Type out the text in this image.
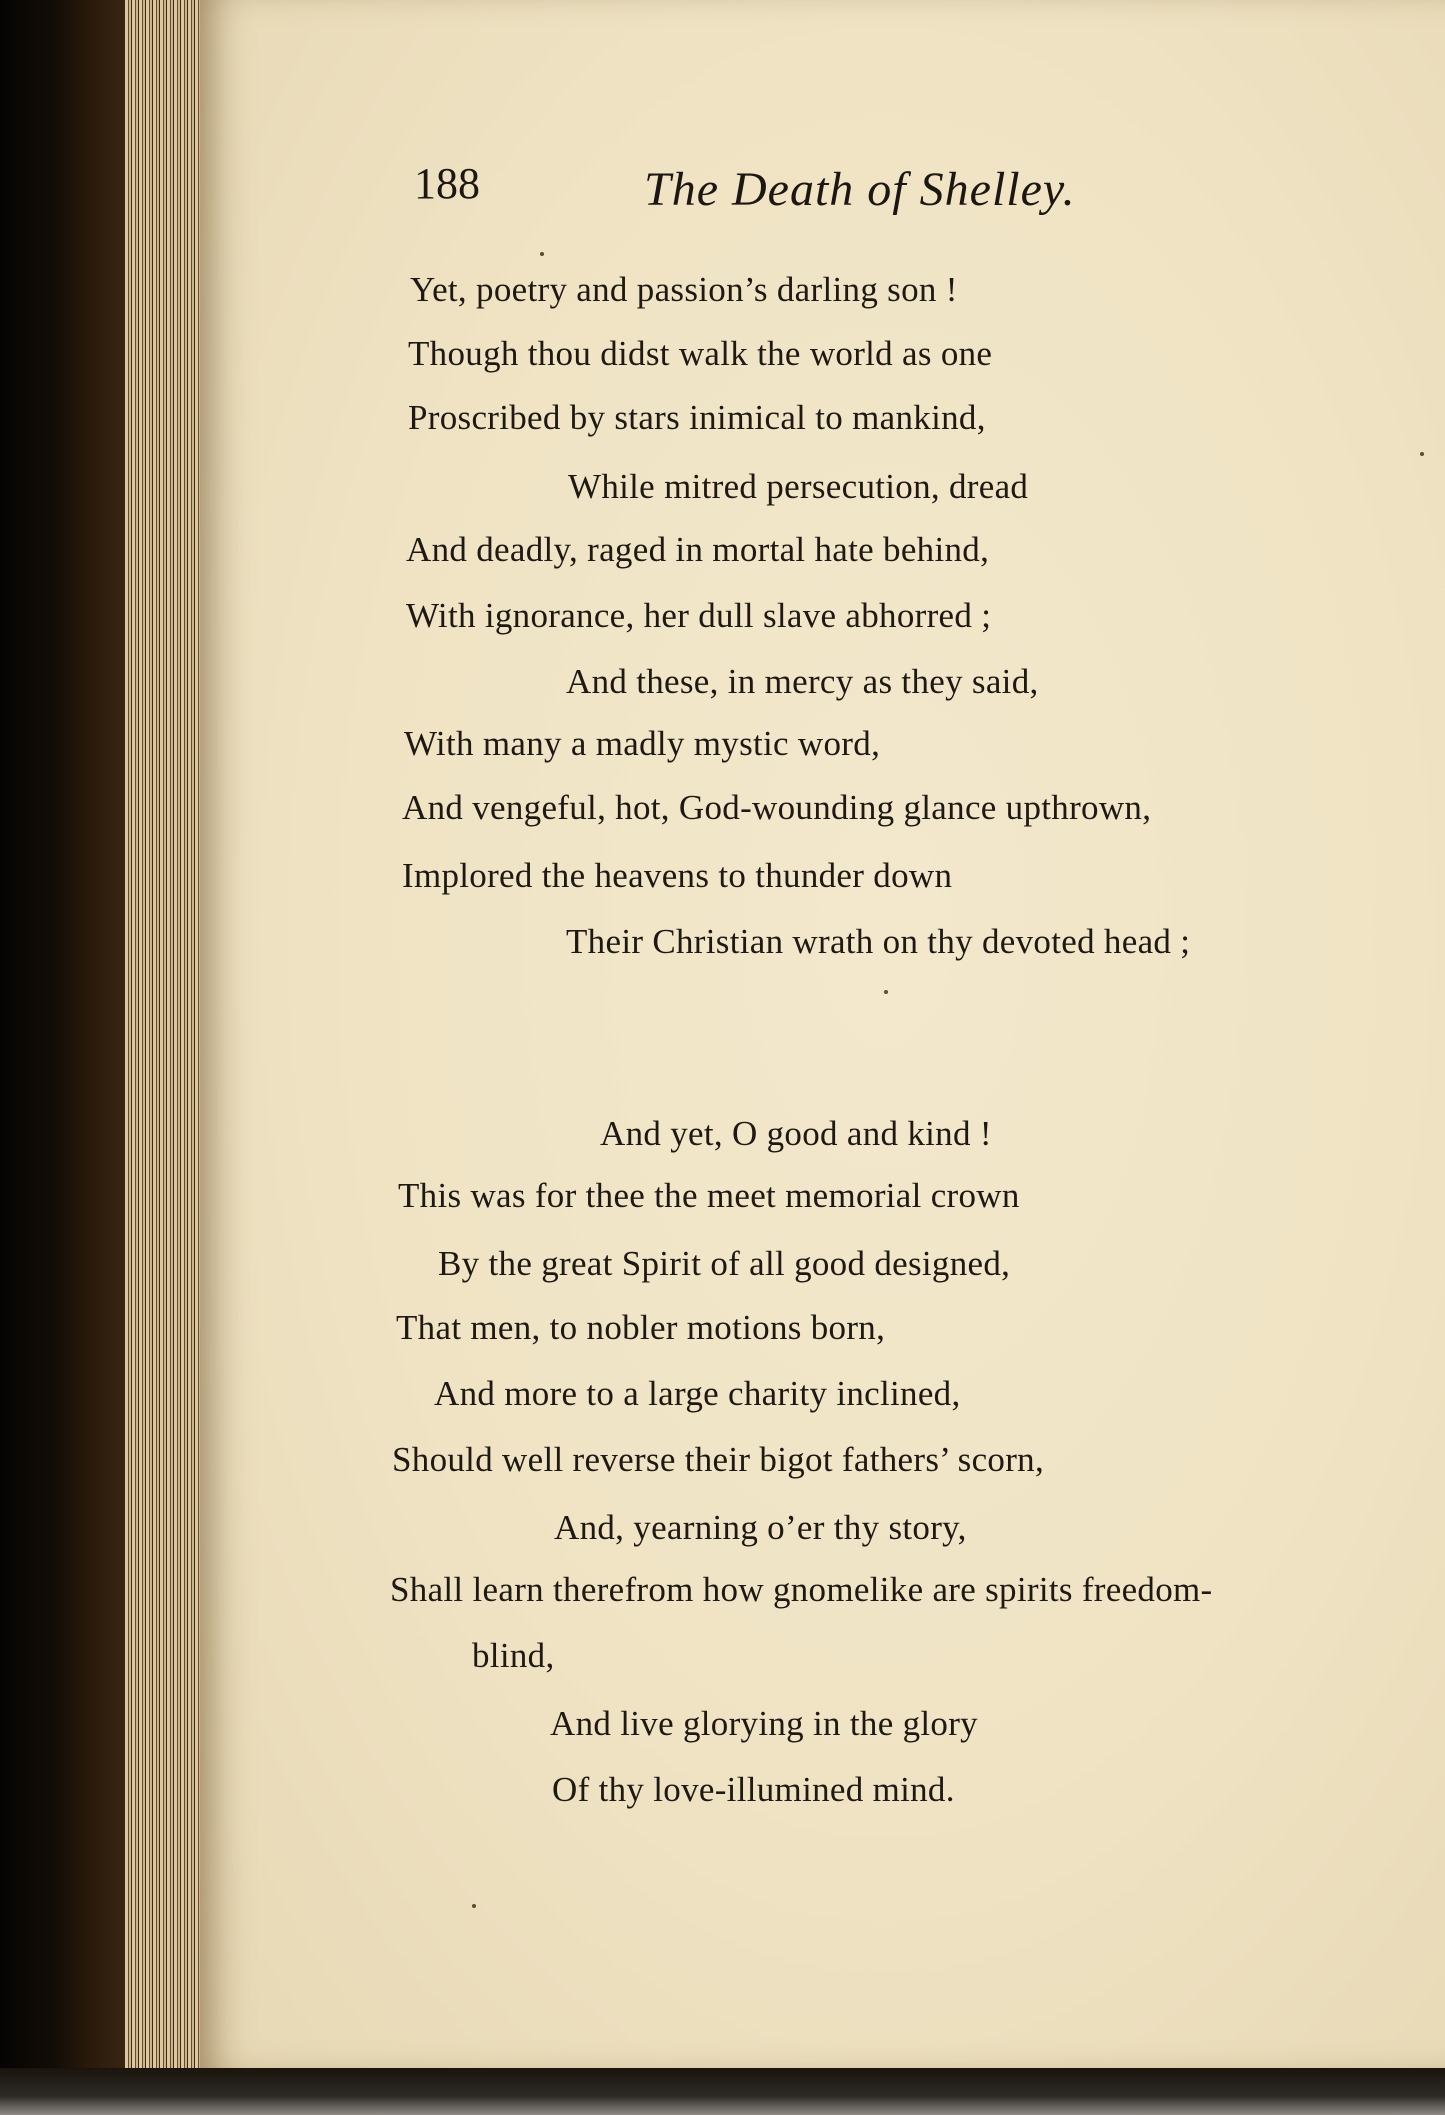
188	The Death of Shelley.
Yet, poetry and passion’s darling son !
Though thou didst walk the world as one
Proscribed by stars inimical to mankind,
While mitred persecution, dread
And deadly, raged in mortal hate behind,
With ignorance, her dull slave abhorred ;
And these, in mercy as they said,
With many a madly mystic word,
And vengeful, hot, God-wounding glance upthrown,
Implored the heavens to thunder down
Their Christian wrath on thy devoted head ;
And yet, O good and kind !
This was for thee the meet memorial crown
By the great Spirit of all good designed,
That men, to nobler motions born,
And more to a large charity inclined,
Should well reverse their bigot fathers’ scorn,
And, yearning o’er thy story,
Shall learn therefrom how gnomelike are spirits freedom-
blind,
And live glorying in the glory
Of thy love-illumined mind.
